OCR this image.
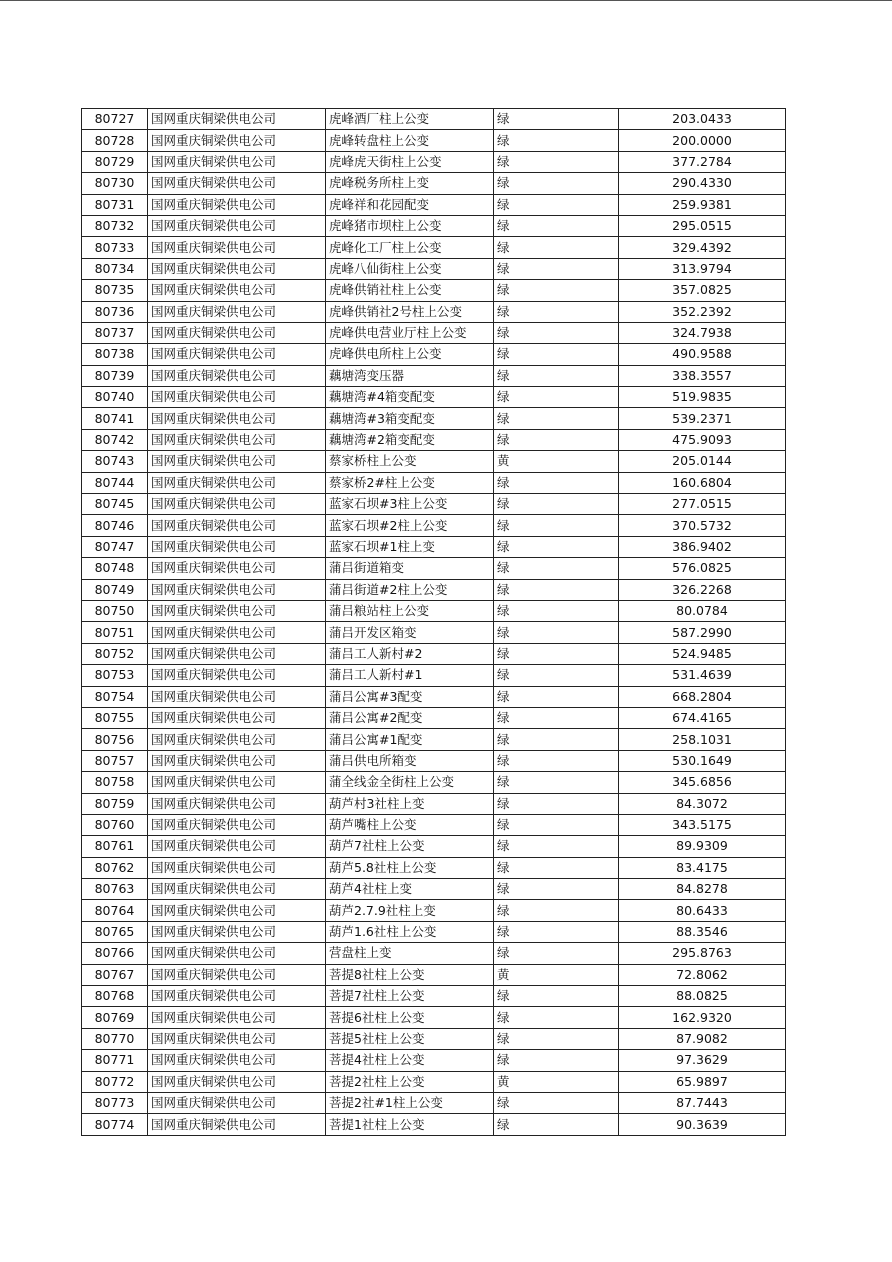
80727	国网重庆铜梁供电公司	虎峰酒厂柱上公变	绿	203.0433
80728	国网重庆铜梁供电公司	虎峰转盘柱上公变	绿	200.0000
80729	国网重庆铜梁供电公司	虎峰虎天街柱上公变	绿	377.2784
80730	国网重庆铜梁供电公司	虎峰税务所柱上变	绿	290.4330
80731	国网重庆铜梁供电公司	虎峰祥和花园配变	绿	259.9381
80732	国网重庆铜梁供电公司	虎峰猪市坝柱上公变	绿	295.0515
80733	国网重庆铜梁供电公司	虎峰化工厂柱上公变	绿	329.4392
80734	国网重庆铜梁供电公司	虎峰八仙街柱上公变	绿	313.9794
80735	国网重庆铜梁供电公司	虎峰供销社柱上公变	绿	357.0825
80736	国网重庆铜梁供电公司	虎峰供销社2号柱上公变	绿	352.2392
80737	国网重庆铜梁供电公司	虎峰供电营业厅柱上公变	绿	324.7938
80738	国网重庆铜梁供电公司	虎峰供电所柱上公变	绿	490.9588
80739	国网重庆铜梁供电公司	藕塘湾变压器	绿	338.3557
80740	国网重庆铜梁供电公司	藕塘湾#4箱变配变	绿	519.9835
80741	国网重庆铜梁供电公司	藕塘湾#3箱变配变	绿	539.2371
80742	国网重庆铜梁供电公司	藕塘湾#2箱变配变	绿	475.9093
80743	国网重庆铜梁供电公司	蔡家桥柱上公变	黄	205.0144
80744	国网重庆铜梁供电公司	蔡家桥2#柱上公变	绿	160.6804
80745	国网重庆铜梁供电公司	蓝家石坝#3柱上公变	绿	277.0515
80746	国网重庆铜梁供电公司	蓝家石坝#2柱上公变	绿	370.5732
80747	国网重庆铜梁供电公司	蓝家石坝#1柱上变	绿	386.9402
80748	国网重庆铜梁供电公司	蒲吕街道箱变	绿	576.0825
80749	国网重庆铜梁供电公司	蒲吕街道#2柱上公变	绿	326.2268
80750	国网重庆铜梁供电公司	蒲吕粮站柱上公变	绿	80.0784
80751	国网重庆铜梁供电公司	蒲吕开发区箱变	绿	587.2990
80752	国网重庆铜梁供电公司	蒲吕工人新村#2	绿	524.9485
80753	国网重庆铜梁供电公司	蒲吕工人新村#1	绿	531.4639
80754	国网重庆铜梁供电公司	蒲吕公寓#3配变	绿	668.2804
80755	国网重庆铜梁供电公司	蒲吕公寓#2配变	绿	674.4165
80756	国网重庆铜梁供电公司	蒲吕公寓#1配变	绿	258.1031
80757	国网重庆铜梁供电公司	蒲吕供电所箱变	绿	530.1649
80758	国网重庆铜梁供电公司	蒲全线金全街柱上公变	绿	345.6856
80759	国网重庆铜梁供电公司	葫芦村3社柱上变	绿	84.3072
80760	国网重庆铜梁供电公司	葫芦嘴柱上公变	绿	343.5175
80761	国网重庆铜梁供电公司	葫芦7社柱上公变	绿	89.9309
80762	国网重庆铜梁供电公司	葫芦5.8社柱上公变	绿	83.4175
80763	国网重庆铜梁供电公司	葫芦4社柱上变	绿	84.8278
80764	国网重庆铜梁供电公司	葫芦2.7.9社柱上变	绿	80.6433
80765	国网重庆铜梁供电公司	葫芦1.6社柱上公变	绿	88.3546
80766	国网重庆铜梁供电公司	营盘柱上变	绿	295.8763
80767	国网重庆铜梁供电公司	菩提8社柱上公变	黄	72.8062
80768	国网重庆铜梁供电公司	菩提7社柱上公变	绿	88.0825
80769	国网重庆铜梁供电公司	菩提6社柱上公变	绿	162.9320
80770	国网重庆铜梁供电公司	菩提5社柱上公变	绿	87.9082
80771	国网重庆铜梁供电公司	菩提4社柱上公变	绿	97.3629
80772	国网重庆铜梁供电公司	菩提2社柱上公变	黄	65.9897
80773	国网重庆铜梁供电公司	菩提2社#1柱上公变	绿	87.7443
80774	国网重庆铜梁供电公司	菩提1社柱上公变	绿	90.3639
